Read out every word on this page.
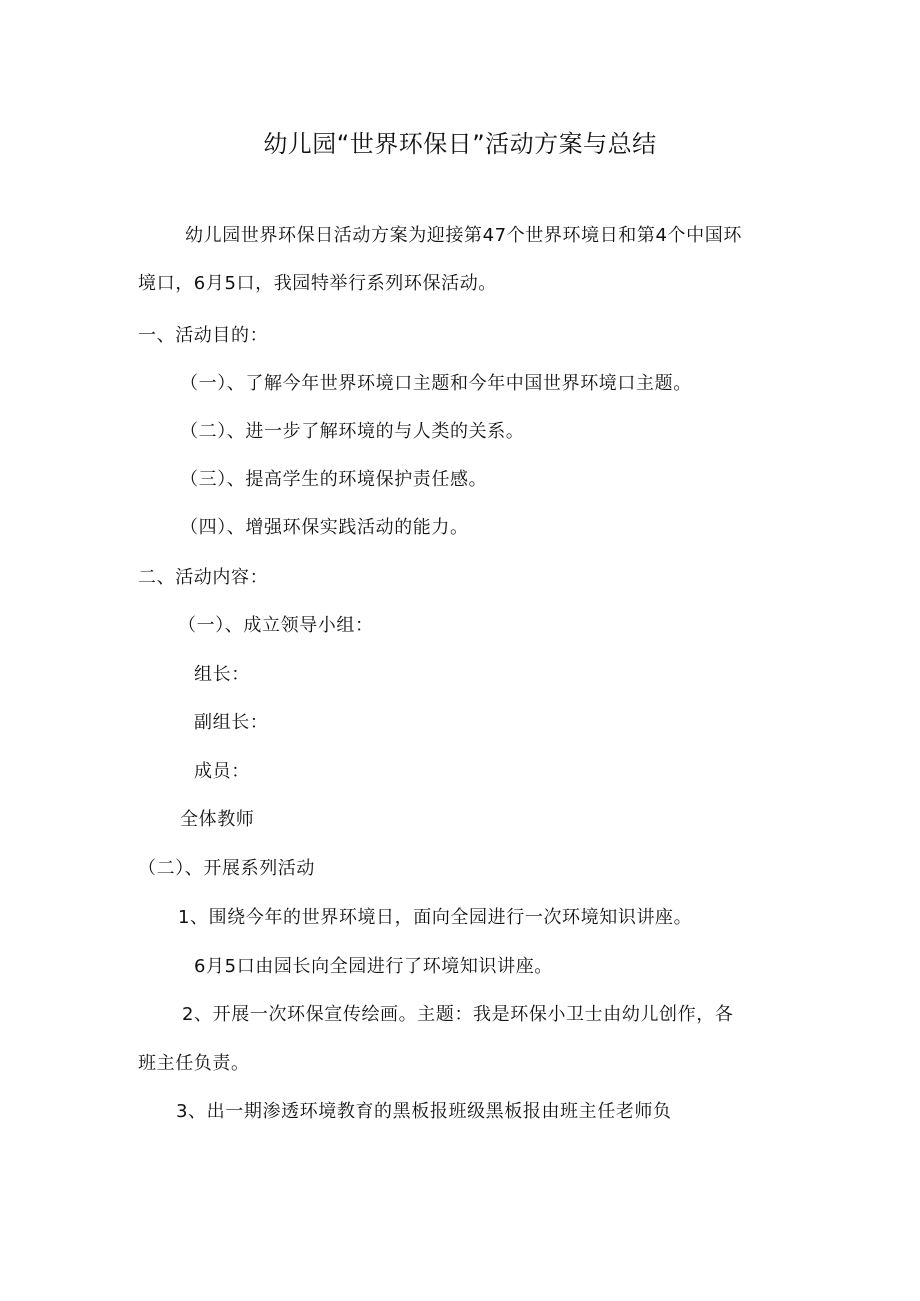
幼儿园“世界环保日”活动方案与总结
幼儿园世界环保日活动方案为迎接第47个世界环境日和第4个中国环
境口，6月5口，我园特举行系列环保活动。
一、活动目的：
（一）、了解今年世界环境口主题和今年中国世界环境口主题。
（二）、进一步了解环境的与人类的关系。
（三）、提高学生的环境保护责任感。
（四）、增强环保实践活动的能力。
二、活动内容：
（一）、成立领导小组：
组长：
副组长：
成员：
全体教师
（二）、开展系列活动
1、围绕今年的世界环境日，面向全园进行一次环境知识讲座。
6月5口由园长向全园进行了环境知识讲座。
2、开展一次环保宣传绘画。主题：我是环保小卫士由幼儿创作，各
班主任负责。
3、出一期渗透环境教育的黑板报班级黑板报由班主任老师负
